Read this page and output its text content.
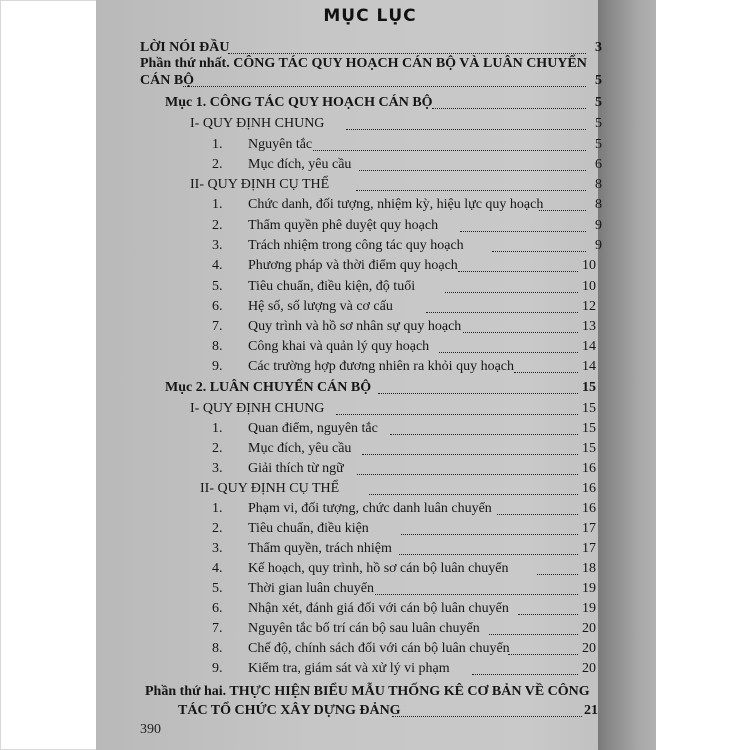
MỤC LỤC
LỜI NÓI ĐẦU	3
Phần thứ nhất. CÔNG TÁC QUY HOẠCH CÁN BỘ VÀ LUÂN CHUYỂN
CÁN BỘ	5
Mục 1. CÔNG TÁC QUY HOẠCH CÁN BỘ	5
I- QUY ĐỊNH CHUNG	5
1. Nguyên tắc	5
2. Mục đích, yêu cầu	6
II- QUY ĐỊNH CỤ THỂ	8
1. Chức danh, đối tượng, nhiệm kỳ, hiệu lực quy hoạch	8
2. Thẩm quyền phê duyệt quy hoạch	9
3. Trách nhiệm trong công tác quy hoạch	9
4. Phương pháp và thời điểm quy hoạch	10
5. Tiêu chuẩn, điều kiện, độ tuổi	10
6. Hệ số, số lượng và cơ cấu	12
7. Quy trình và hồ sơ nhân sự quy hoạch	13
8. Công khai và quản lý quy hoạch	14
9. Các trường hợp đương nhiên ra khỏi quy hoạch	14
Mục 2. LUÂN CHUYỂN CÁN BỘ	15
I- QUY ĐỊNH CHUNG	15
1. Quan điểm, nguyên tắc	15
2. Mục đích, yêu cầu	15
3. Giải thích từ ngữ	16
II- QUY ĐỊNH CỤ THỂ	16
1. Phạm vi, đối tượng, chức danh luân chuyển	16
2. Tiêu chuẩn, điều kiện	17
3. Thẩm quyền, trách nhiệm	17
4. Kế hoạch, quy trình, hồ sơ cán bộ luân chuyển	18
5. Thời gian luân chuyển	19
6. Nhận xét, đánh giá đối với cán bộ luân chuyển	19
7. Nguyên tắc bố trí cán bộ sau luân chuyển	20
8. Chế độ, chính sách đối với cán bộ luân chuyển	20
9. Kiểm tra, giám sát và xử lý vi phạm	20
Phần thứ hai. THỰC HIỆN BIỂU MẪU THỐNG KÊ CƠ BẢN VỀ CÔNG
TÁC TỔ CHỨC XÂY DỰNG ĐẢNG	21
390
